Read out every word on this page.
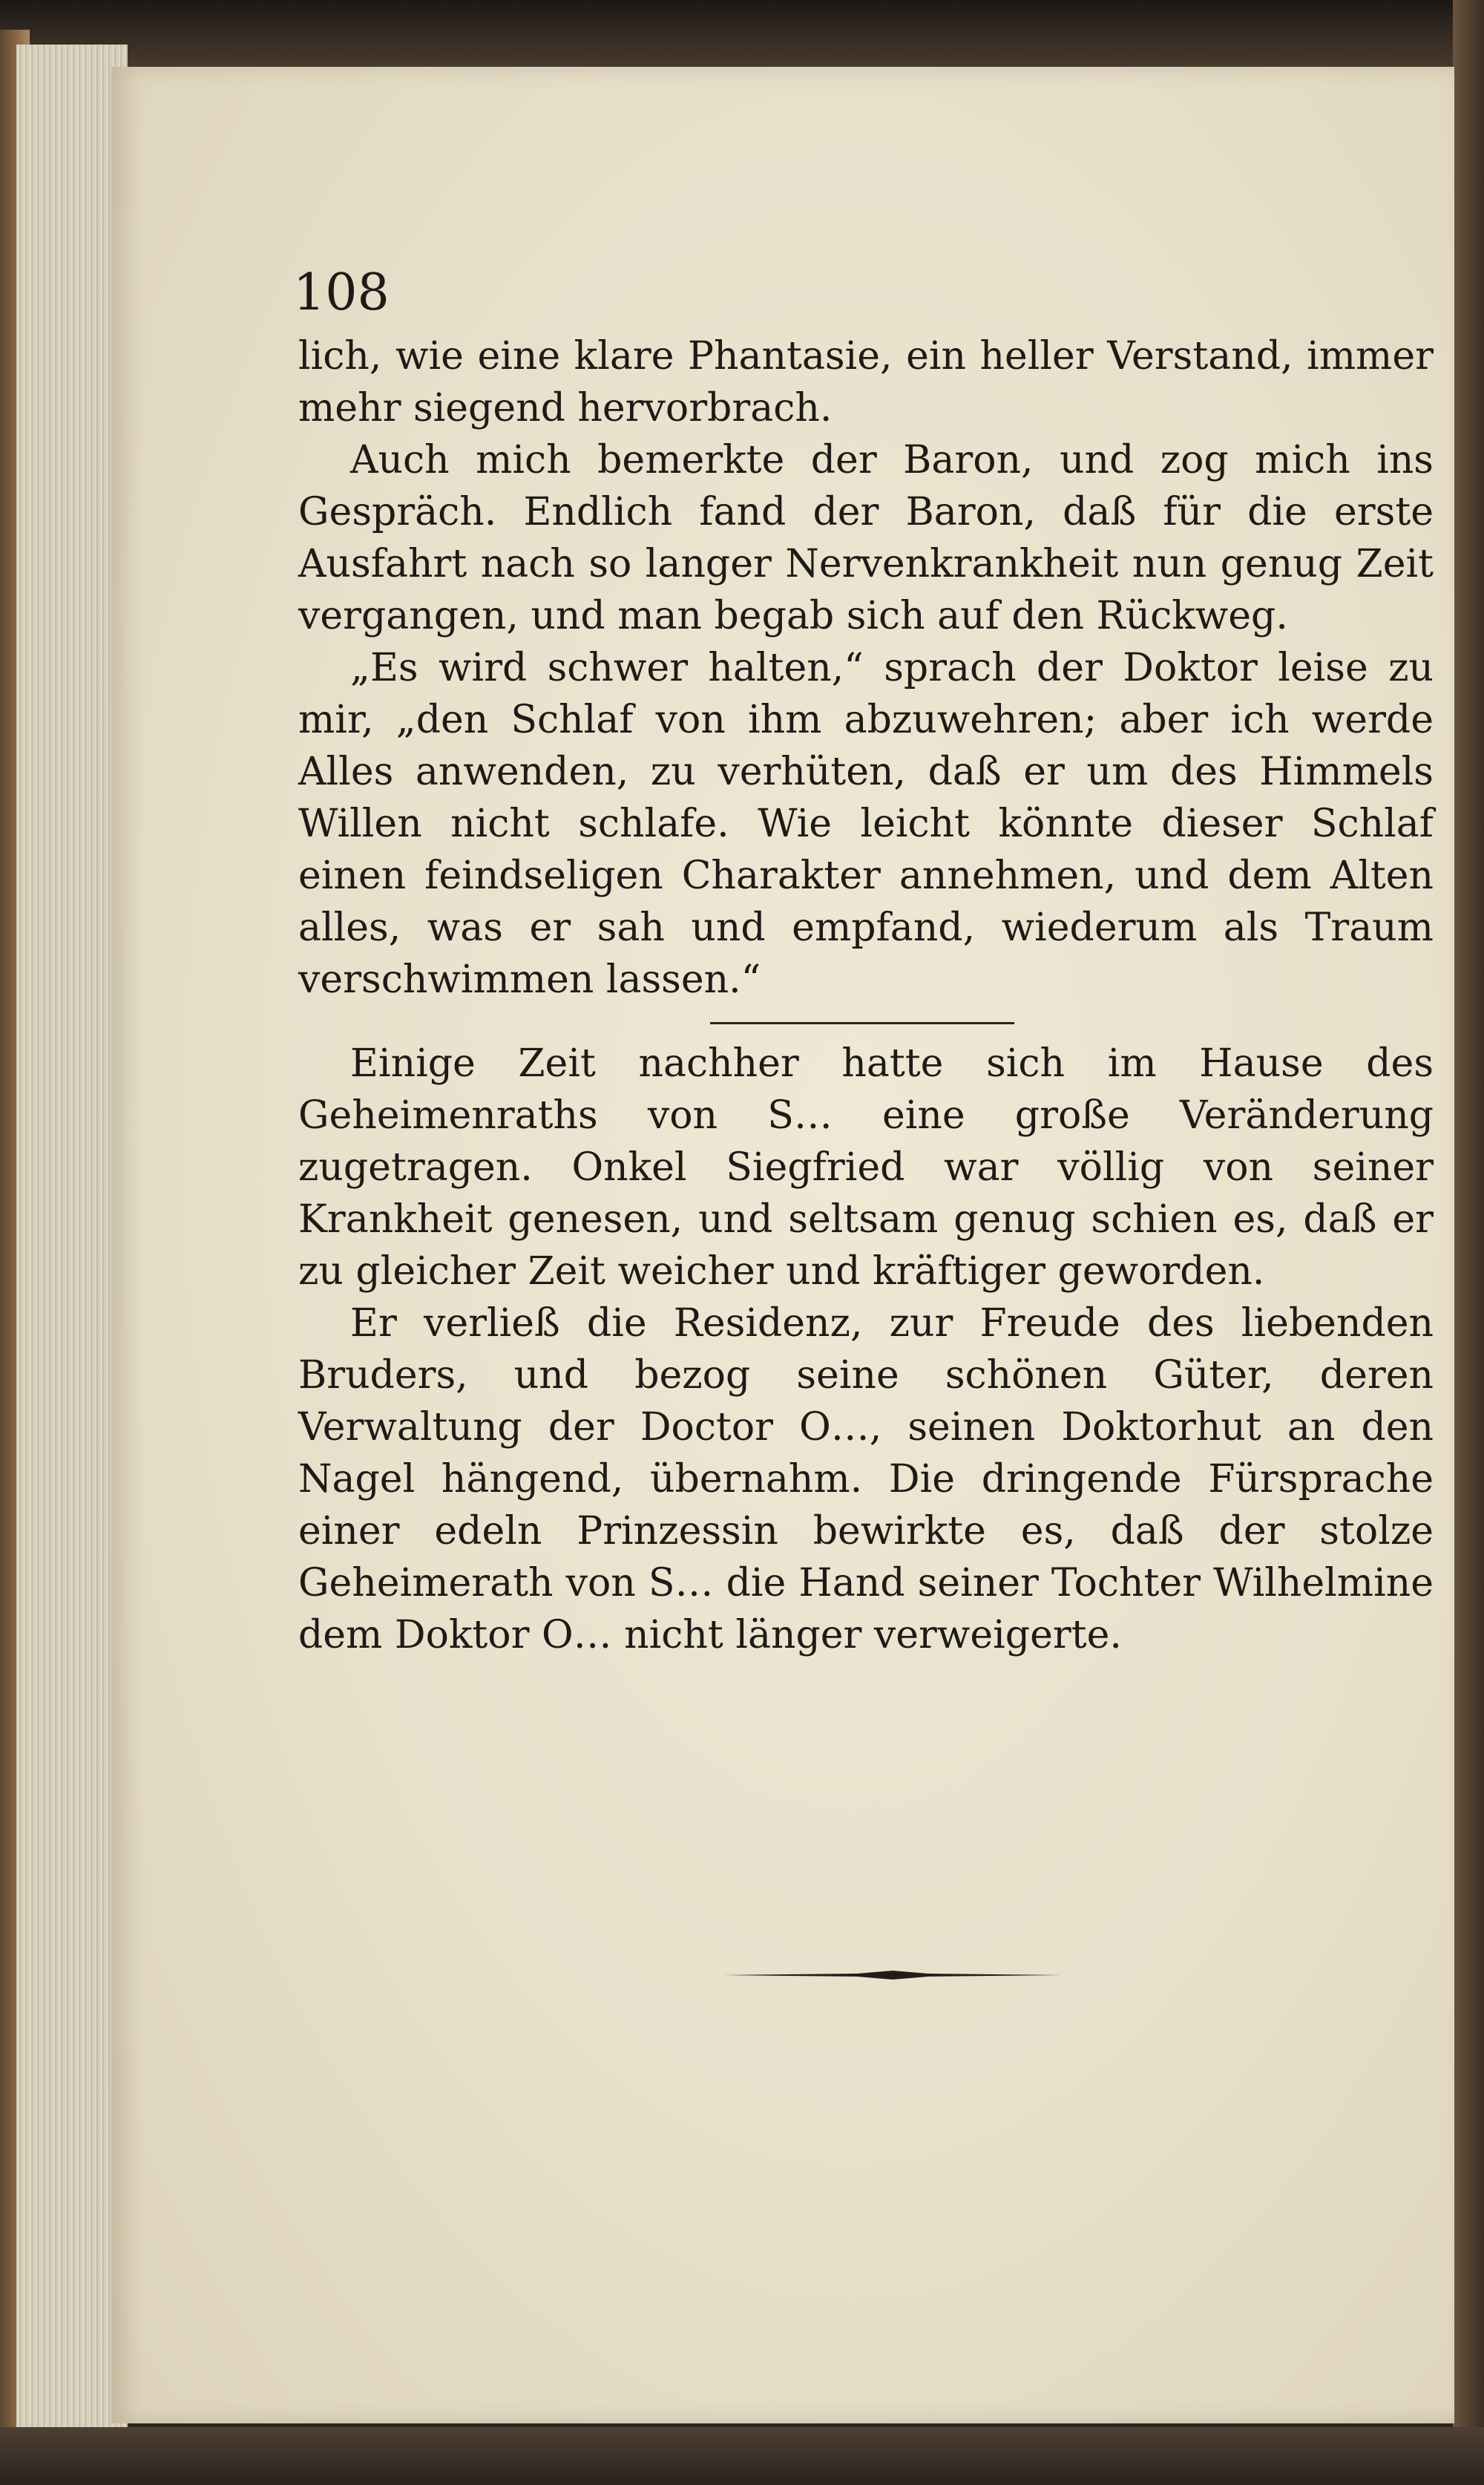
108

lich, wie eine klare Phantasie, ein heller Verstand, immer mehr siegend hervorbrach.

Auch mich bemerkte der Baron, und zog mich ins Gespräch. Endlich fand der Baron, daß für die erste Ausfahrt nach so langer Nervenkrankheit nun genug Zeit vergangen, und man begab sich auf den Rückweg.

„Es wird schwer halten,“ sprach der Doktor leise zu mir, „den Schlaf von ihm abzuwehren; aber ich werde Alles anwenden, zu verhüten, daß er um des Himmels Willen nicht schlafe. Wie leicht könnte dieser Schlaf einen feindseligen Charakter annehmen, und dem Alten alles, was er sah und empfand, wiederum als Traum verschwimmen lassen.“

Einige Zeit nachher hatte sich im Hause des Geheimenraths von S… eine große Veränderung zugetragen. Onkel Siegfried war völlig von seiner Krankheit genesen, und seltsam genug schien es, daß er zu gleicher Zeit weicher und kräftiger geworden.

Er verließ die Residenz, zur Freude des liebenden Bruders, und bezog seine schönen Güter, deren Verwaltung der Doctor O…, seinen Doktorhut an den Nagel hängend, übernahm. Die dringende Fürsprache einer edeln Prinzessin bewirkte es, daß der stolze Geheimerath von S… die Hand seiner Tochter Wilhelmine dem Doktor O… nicht länger verweigerte.
